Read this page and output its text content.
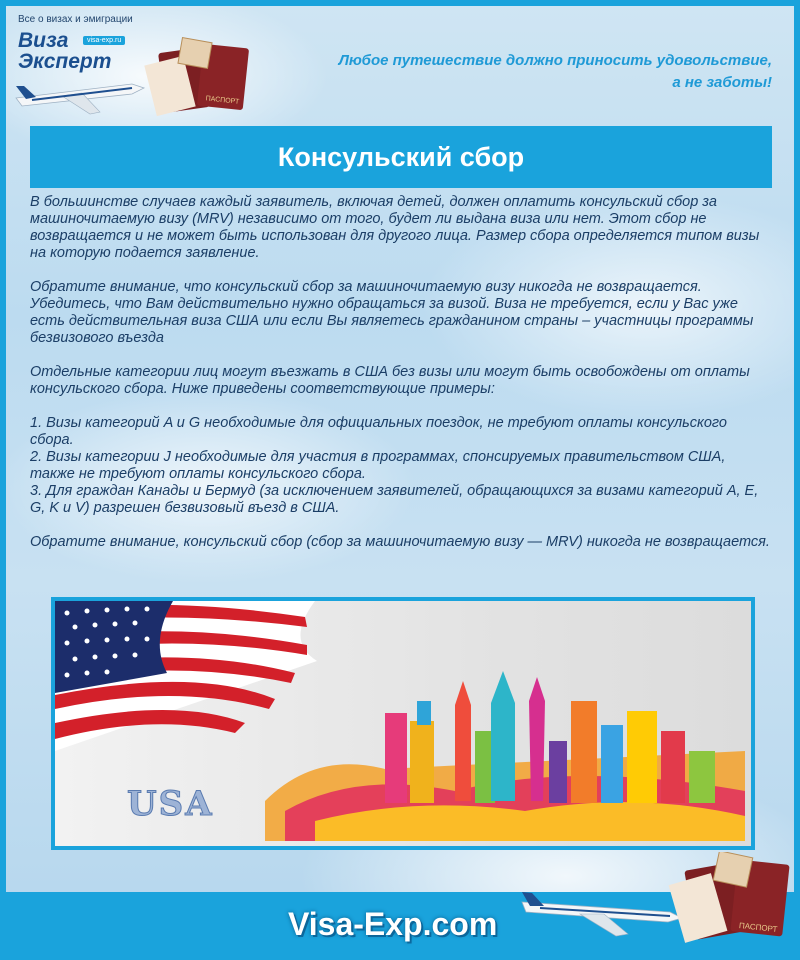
ПАСПОРТ
Все о визах и эмиграции
Виза	visa-exp.ru
Эксперт	Любое путешествие должно приносить удовольствие,
а не заботы!
Консульский сбор

В большинстве случаев каждый заявитель, включая детей, должен оплатить консульский сбор за машиночитаемую визу (MRV) независимо от того, будет ли выдана виза или нет. Этот сбор не возвращается и не может быть использован для другого лица. Размер сбора определяется типом визы на которую подается заявление.

Обратите внимание, что консульский сбор за машиночитаемую визу никогда не возвращается. Убедитесь, что Вам действительно нужно обращаться за визой. Виза не требуется, если у Вас уже есть действительная виза США или если Вы являетесь гражданином страны – участницы программы безвизового въезда

Отдельные категории лиц могут въезжать в США без визы или могут быть освобождены от оплаты консульского сбора. Ниже приведены соответствующие примеры:

1. Визы категорий A и G необходимые для официальных поездок, не требуют оплаты консульского сбора.

2. Визы категории J необходимые для участия в программах, спонсируемых правительством США, также не требуют оплаты консульского сбора.

3. Для граждан Канады и Бермуд (за исключением заявителей, обращающихся за визами категорий A, E, G, K и V) разрешен безвизовый въезд в США.

Обратите внимание, консульский сбор (сбор за машиночитаемую визу — MRV) никогда не возвращается.

USA
ПАСПОРТ
Visa-Exp.com
